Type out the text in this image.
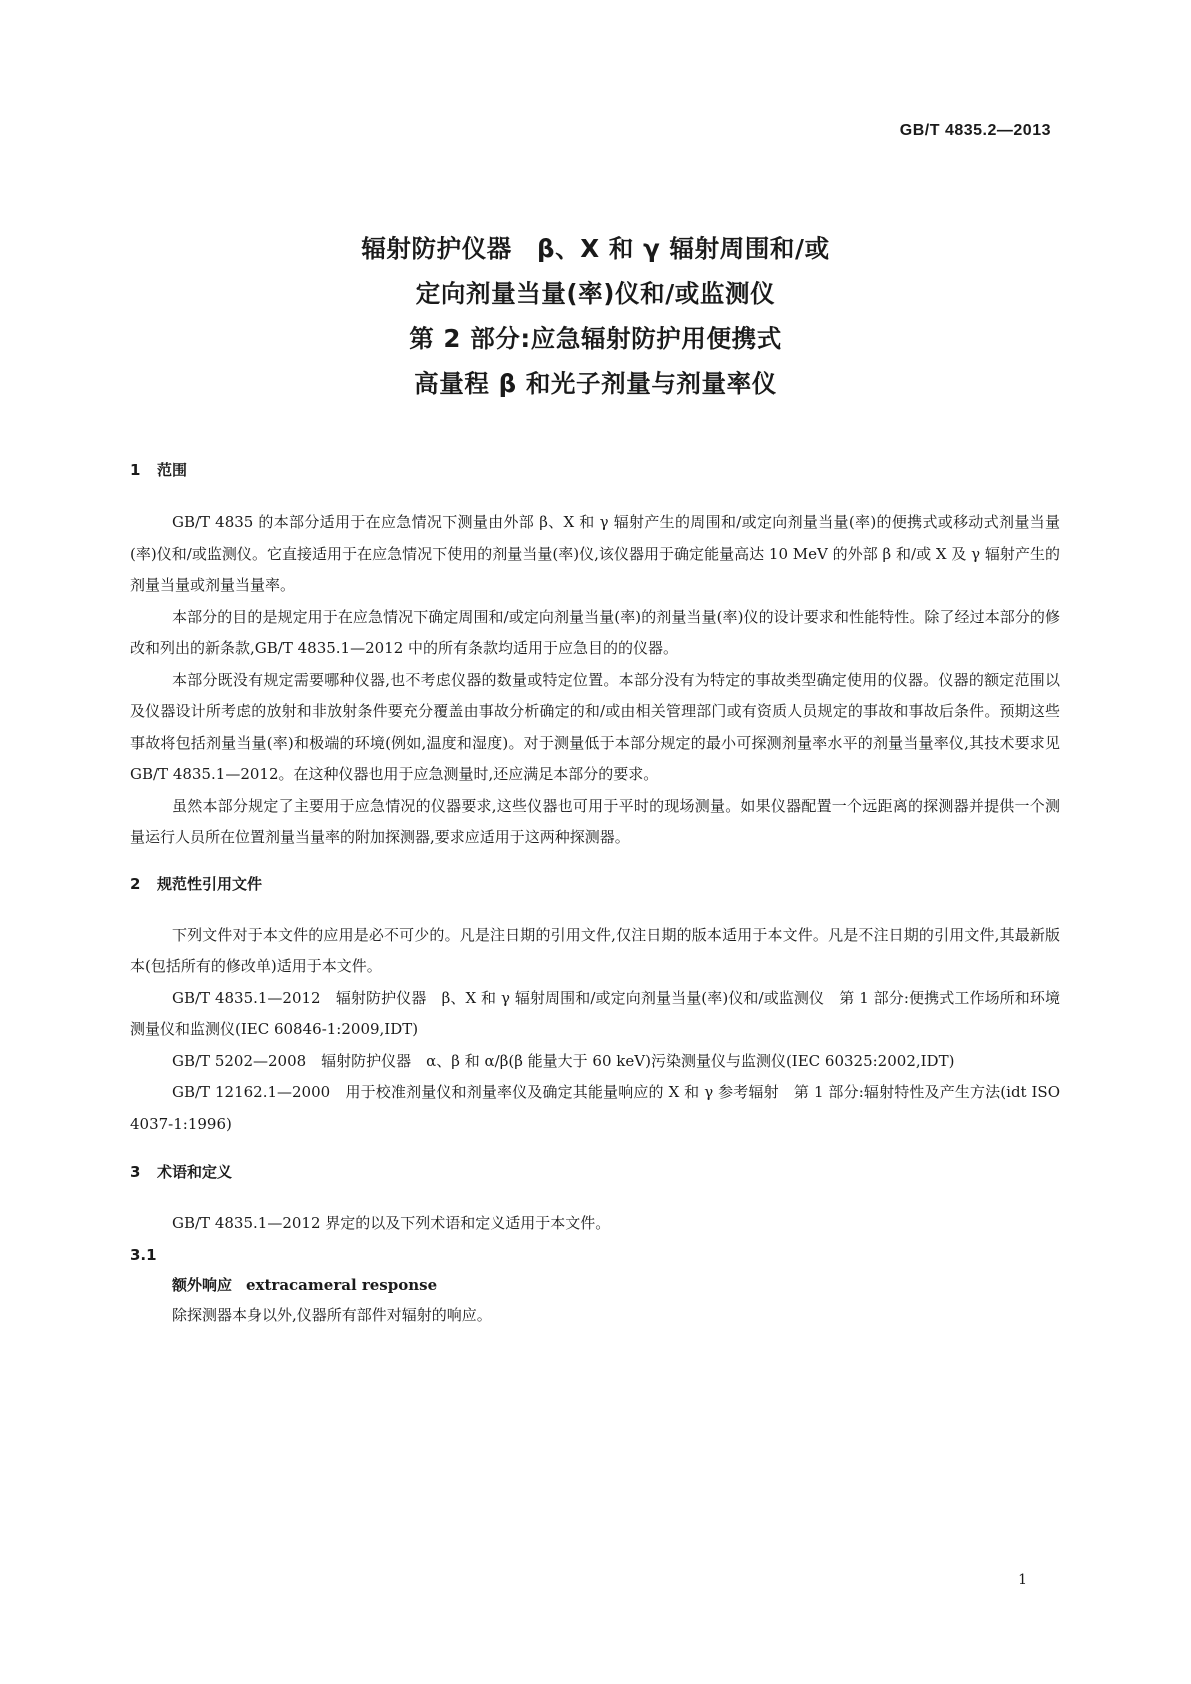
GB/T 4835.2—2013
辐射防护仪器　β、X 和 γ 辐射周围和/或
定向剂量当量(率)仪和/或监测仪
第 2 部分:应急辐射防护用便携式
高量程 β 和光子剂量与剂量率仪
1 范围

GB/T 4835 的本部分适用于在应急情况下测量由外部 β、X 和 γ 辐射产生的周围和/或定向剂量当量(率)的便携式或移动式剂量当量(率)仪和/或监测仪。它直接适用于在应急情况下使用的剂量当量(率)仪,该仪器用于确定能量高达 10 MeV 的外部 β 和/或 X 及 γ 辐射产生的剂量当量或剂量当量率。

本部分的目的是规定用于在应急情况下确定周围和/或定向剂量当量(率)的剂量当量(率)仪的设计要求和性能特性。除了经过本部分的修改和列出的新条款,GB/T 4835.1—2012 中的所有条款均适用于应急目的的仪器。

本部分既没有规定需要哪种仪器,也不考虑仪器的数量或特定位置。本部分没有为特定的事故类型确定使用的仪器。仪器的额定范围以及仪器设计所考虑的放射和非放射条件要充分覆盖由事故分析确定的和/或由相关管理部门或有资质人员规定的事故和事故后条件。预期这些事故将包括剂量当量(率)和极端的环境(例如,温度和湿度)。对于测量低于本部分规定的最小可探测剂量率水平的剂量当量率仪,其技术要求见 GB/T 4835.1—2012。在这种仪器也用于应急测量时,还应满足本部分的要求。

虽然本部分规定了主要用于应急情况的仪器要求,这些仪器也可用于平时的现场测量。如果仪器配置一个远距离的探测器并提供一个测量运行人员所在位置剂量当量率的附加探测器,要求应适用于这两种探测器。

2 规范性引用文件

下列文件对于本文件的应用是必不可少的。凡是注日期的引用文件,仅注日期的版本适用于本文件。凡是不注日期的引用文件,其最新版本(包括所有的修改单)适用于本文件。

GB/T 4835.1—2012　辐射防护仪器　β、X 和 γ 辐射周围和/或定向剂量当量(率)仪和/或监测仪　第 1 部分:便携式工作场所和环境测量仪和监测仪(IEC 60846-1:2009,IDT)

GB/T 5202—2008　辐射防护仪器　α、β 和 α/β(β 能量大于 60 keV)污染测量仪与监测仪(IEC 60325:2002,IDT)

GB/T 12162.1—2000　用于校准剂量仪和剂量率仪及确定其能量响应的 X 和 γ 参考辐射　第 1 部分:辐射特性及产生方法(idt ISO 4037-1:1996)

3 术语和定义

GB/T 4835.1—2012 界定的以及下列术语和定义适用于本文件。

3.1
额外响应 extracameral response
除探测器本身以外,仪器所有部件对辐射的响应。
1
